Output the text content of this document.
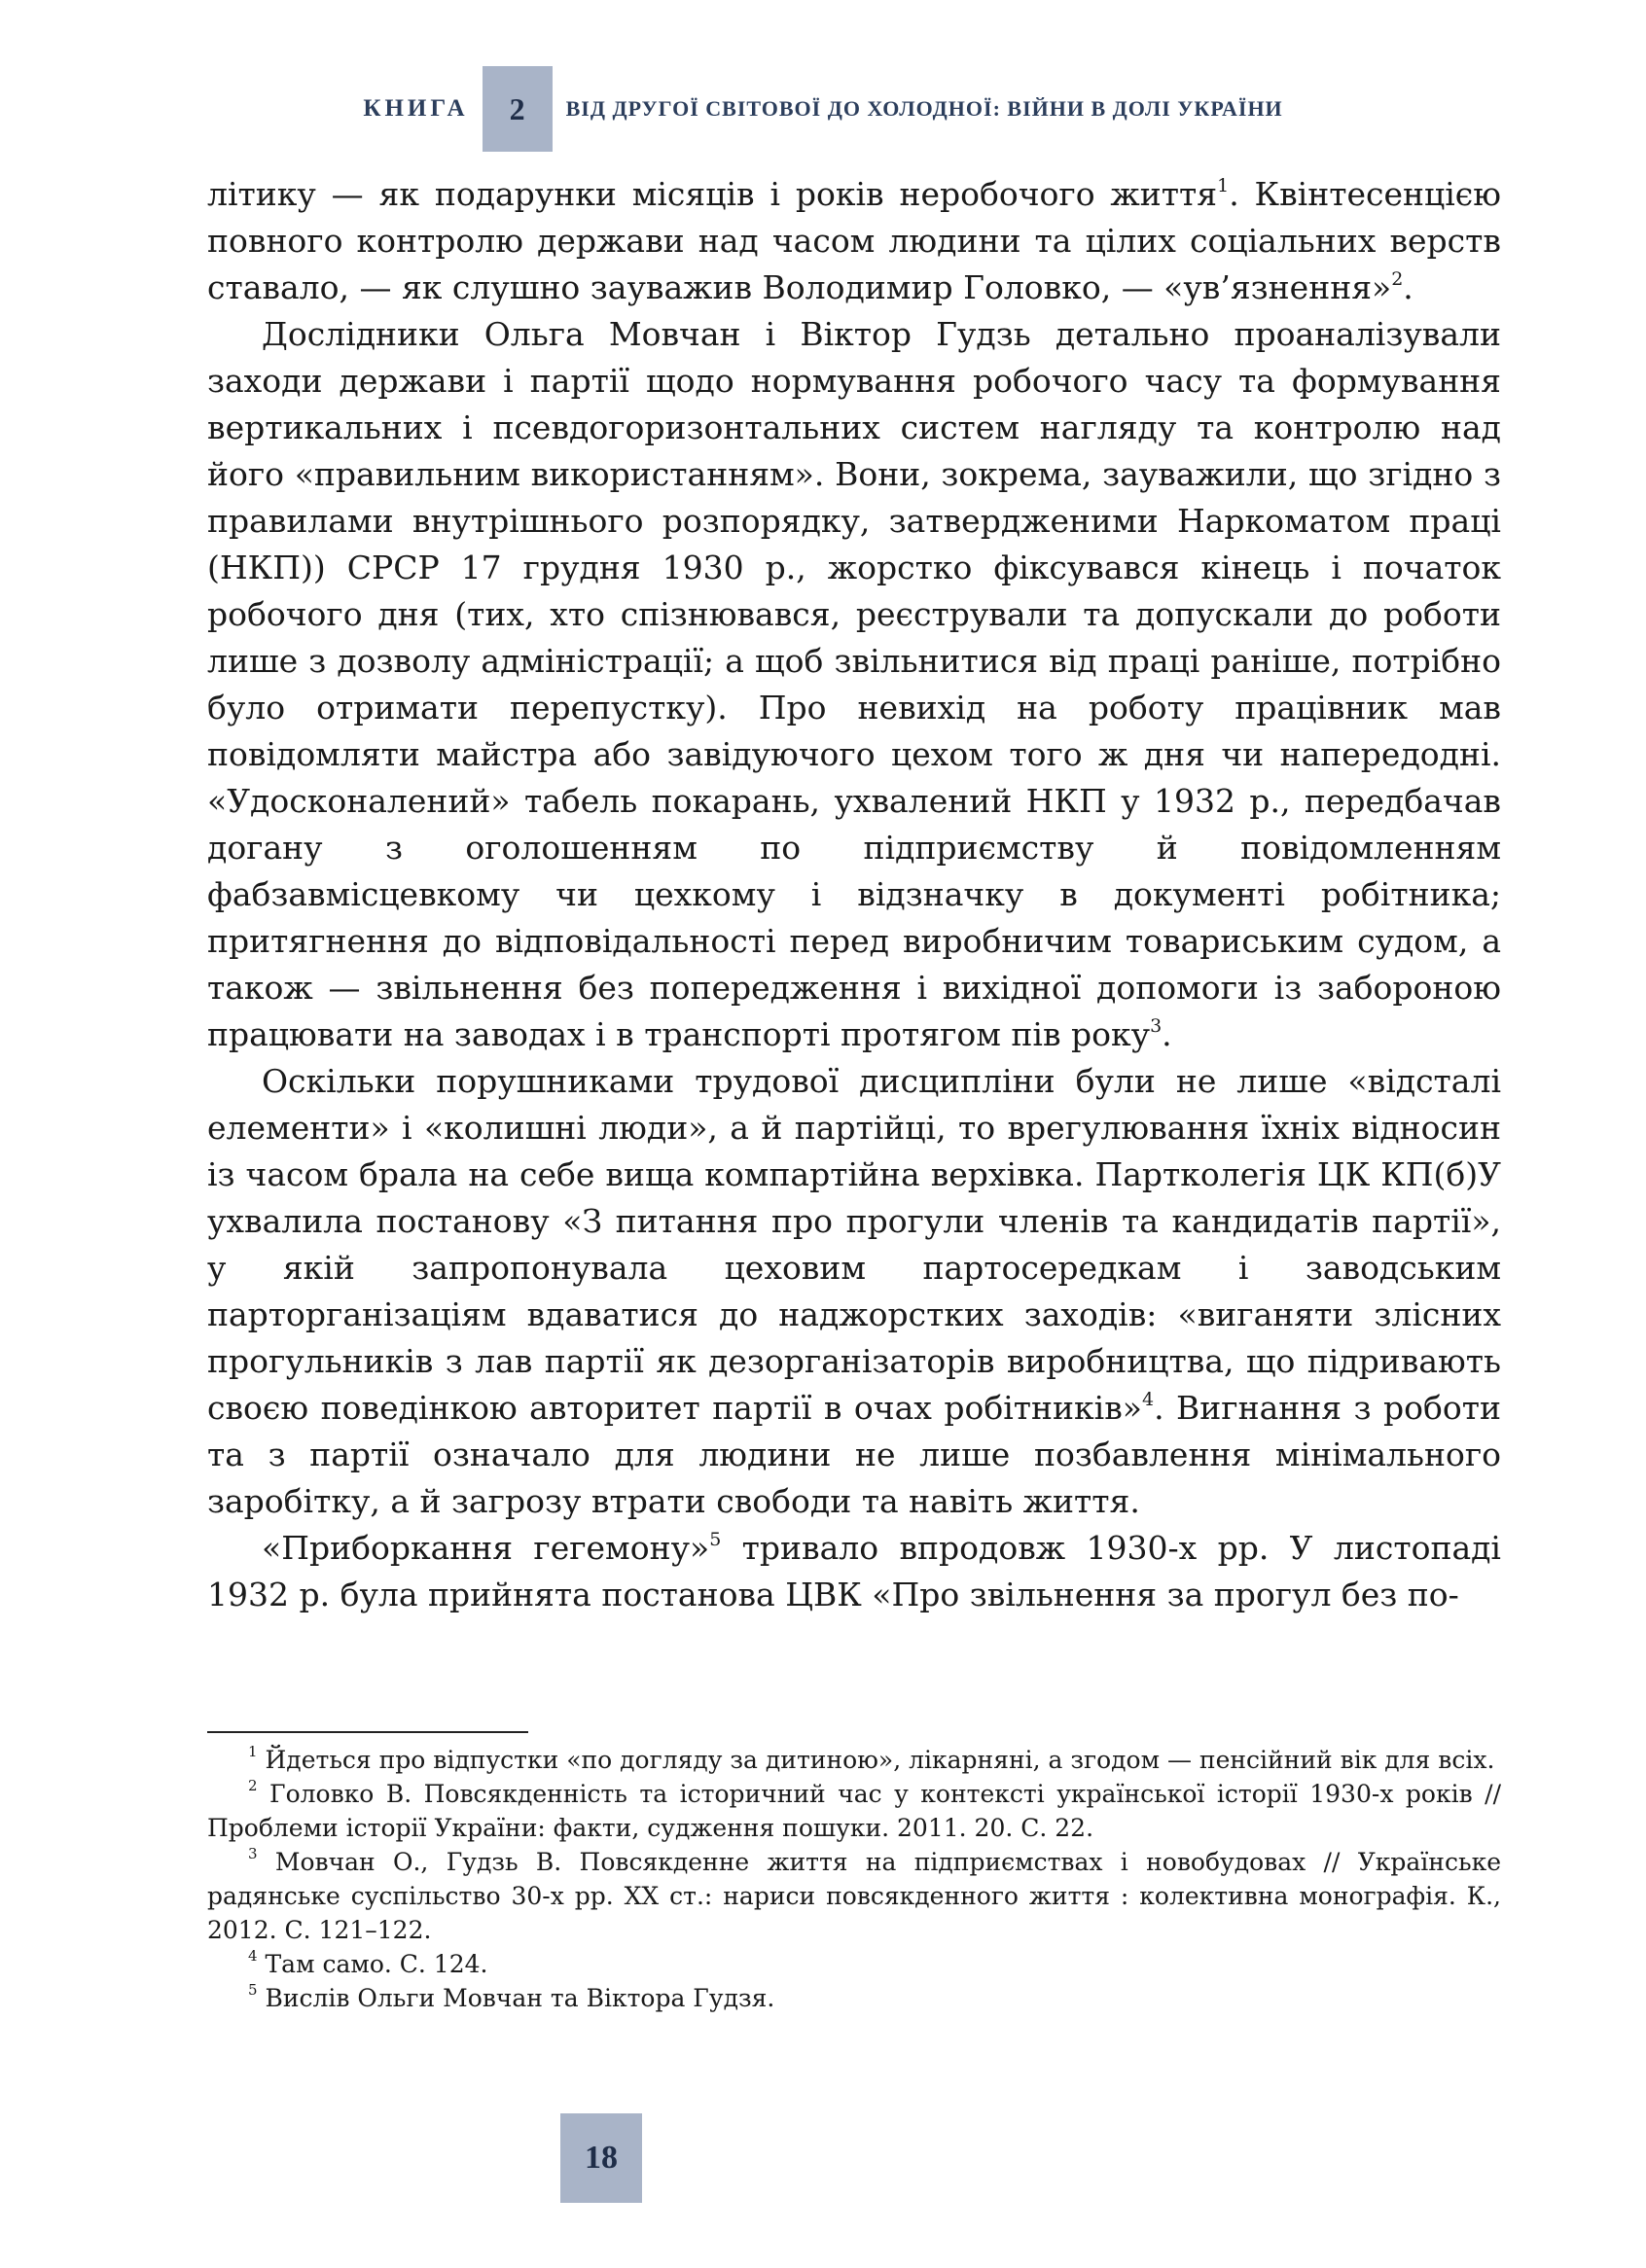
КНИГА 2 ВІД ДРУГОЇ СВІТОВОЇ ДО ХОЛОДНОЇ: ВІЙНИ В ДОЛІ УКРАЇНИ

літику — як подарунки місяців і років неробочого життя$^1$. Квінтесенцією повного контролю держави над часом людини та цілих соціальних верств ставало, — як слушно зауважив Володимир Головко, — «ув’язнення»$^2$.

Дослідники Ольга Мовчан і Віктор Гудзь детально проаналізували заходи держави і партії щодо нормування робочого часу та формування вертикальних і псевдогоризонтальних систем нагляду та контролю над його «правильним використанням». Вони, зокрема, зауважили, що згідно з правилами внутрішнього розпорядку, затвердженими Наркоматом праці (НКП)) СРСР 17 грудня 1930 р., жорстко фіксувався кінець і початок робочого дня (тих, хто спізнювався, реєстрували та допускали до роботи лише з дозволу адміністрації; а щоб звільнитися від праці раніше, потрібно було отримати перепустку). Про невихід на роботу працівник мав повідомляти майстра або завідуючого цехом того ж дня чи напередодні. «Удосконалений» табель покарань, ухвалений НКП у 1932 р., передбачав догану з оголошенням по підприємству й повідомленням фабзавмісцевкому чи цехкому і відзначку в документі робітника; притягнення до відповідальності перед виробничим товариським судом, а також — звільнення без попередження і вихідної допомоги із забороною працювати на заводах і в транспорті протягом пів року$^3$.

Оскільки порушниками трудової дисципліни були не лише «відсталі елементи» і «колишні люди», а й партійці, то врегулювання їхніх відносин із часом брала на себе вища компартійна верхівка. Партколегія ЦК КП(б)У ухвалила постанову «З питання про прогули членів та кандидатів партії», у якій запропонувала цеховим партосередкам і заводським парторганізаціям вдаватися до наджорстких заходів: «виганяти злісних прогульників з лав партії як дезорганізаторів виробництва, що підривають своєю поведінкою авторитет партії в очах робітників»$^4$. Вигнання з роботи та з партії означало для людини не лише позбавлення мінімального заробітку, а й загрозу втрати свободи та навіть життя.

«Приборкання гегемону»$^5$ тривало впродовж 1930-х рр. У листопаді 1932 р. була прийнята постанова ЦВК «Про звільнення за прогул без по-

$^1$ Йдеться про відпустки «по догляду за дитиною», лікарняні, а згодом — пенсійний вік для всіх.

$^2$ Головко В. Повсякденність та історичний час у контексті української історії 1930-х років // Проблеми історії України: факти, судження пошуки. 2011. 20. С. 22.

$^3$ Мовчан О., Гудзь В. Повсякденне життя на підприємствах і новобудовах // Українське радянське суспільство 30-х рр. XX ст.: нариси повсякденного життя : колективна монографія. К., 2012. С. 121–122.

$^4$ Там само. С. 124.

$^5$ Вислів Ольги Мовчан та Віктора Гудзя.

18
